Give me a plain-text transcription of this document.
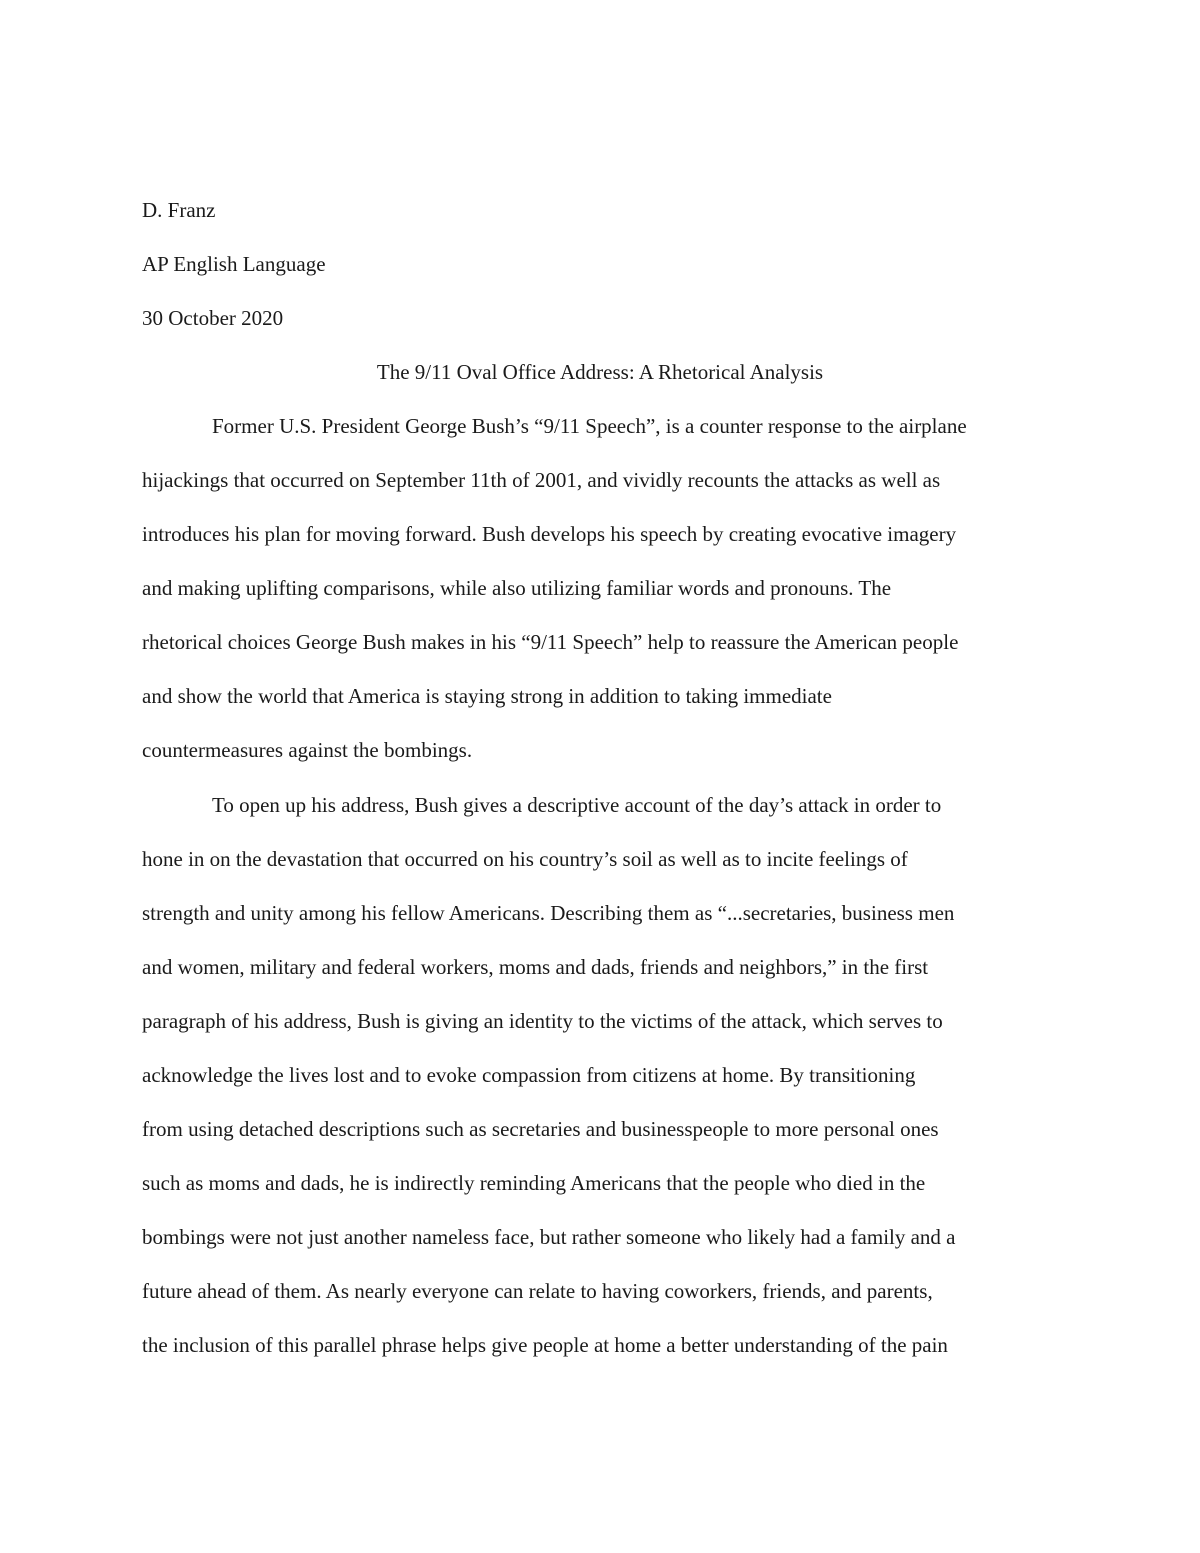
D. Franz

AP English Language

30 October 2020

The 9/11 Oval Office Address: A Rhetorical Analysis

Former U.S. President George Bush’s “9/11 Speech”, is a counter response to the airplane

hijackings that occurred on September 11th of 2001, and vividly recounts the attacks as well as

introduces his plan for moving forward. Bush develops his speech by creating evocative imagery

and making uplifting comparisons, while also utilizing familiar words and pronouns. The

rhetorical choices George Bush makes in his “9/11 Speech” help to reassure the American people

and show the world that America is staying strong in addition to taking immediate

countermeasures against the bombings.

To open up his address, Bush gives a descriptive account of the day’s attack in order to

hone in on the devastation that occurred on his country’s soil as well as to incite feelings of

strength and unity among his fellow Americans. Describing them as “...secretaries, business men

and women, military and federal workers, moms and dads, friends and neighbors,” in the first

paragraph of his address, Bush is giving an identity to the victims of the attack, which serves to

acknowledge the lives lost and to evoke compassion from citizens at home. By transitioning

from using detached descriptions such as secretaries and businesspeople to more personal ones

such as moms and dads, he is indirectly reminding Americans that the people who died in the

bombings were not just another nameless face, but rather someone who likely had a family and a

future ahead of them. As nearly everyone can relate to having coworkers, friends, and parents,

the inclusion of this parallel phrase helps give people at home a better understanding of the pain
